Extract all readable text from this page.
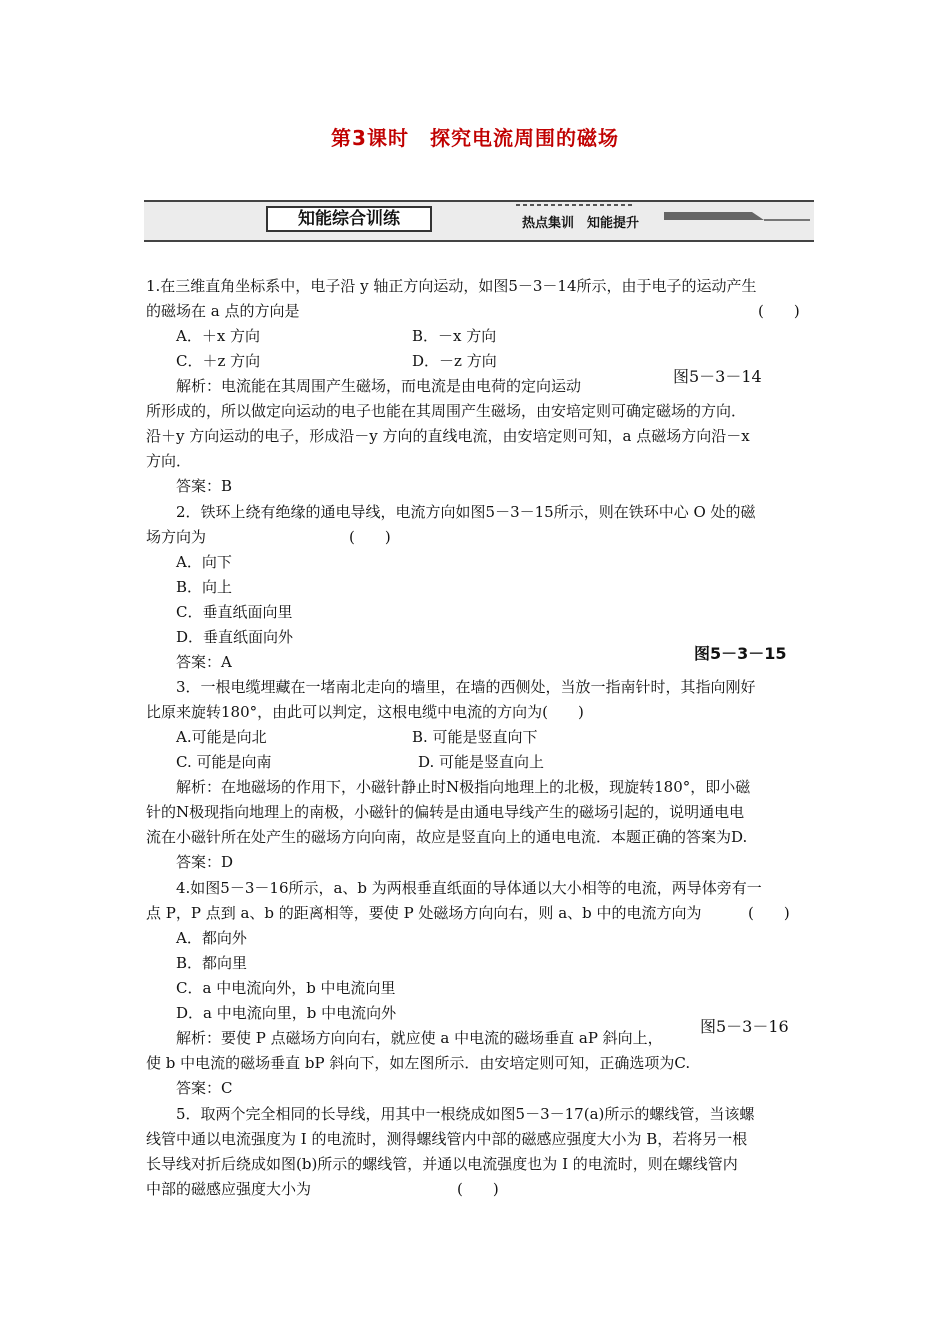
第3课时　探究电流周围的磁场
知能综合训练	热点集训　知能提升
1.在三维直角坐标系中，电子沿 y 轴正方向运动，如图5－3－14所示，由于电子的运动产生
的磁场在 a 点的方向是	(　　)
A．＋x 方向	B．－x 方向
C．＋z 方向	D．－z 方向
图5－3－14
解析：电流能在其周围产生磁场，而电流是由电荷的定向运动
所形成的，所以做定向运动的电子也能在其周围产生磁场，由安培定则可确定磁场的方向．
沿＋y 方向运动的电子，形成沿－y 方向的直线电流，由安培定则可知，a 点磁场方向沿－x
方向．
答案：B
2．铁环上绕有绝缘的通电导线，电流方向如图5－3－15所示，则在铁环中心 O 处的磁
场方向为	(　　)
A．向下
B．向上
C．垂直纸面向里
D．垂直纸面向外
图5－3－15
答案：A
3．一根电缆埋藏在一堵南北走向的墙里，在墙的西侧处，当放一指南针时，其指向刚好
比原来旋转180°，由此可以判定，这根电缆中电流的方向为(　　)
A.可能是向北	B. 可能是竖直向下
C. 可能是向南	D. 可能是竖直向上
解析：在地磁场的作用下，小磁针静止时N极指向地理上的北极，现旋转180°，即小磁
针的N极现指向地理上的南极，小磁针的偏转是由通电导线产生的磁场引起的，说明通电电
流在小磁针所在处产生的磁场方向向南，故应是竖直向上的通电电流．本题正确的答案为D.
答案：D
4.如图5－3－16所示，a、b 为两根垂直纸面的导体通以大小相等的电流，两导体旁有一
点 P，P 点到 a、b 的距离相等，要使 P 处磁场方向向右，则 a、b 中的电流方向为	(　　)
A．都向外
B．都向里
C．a 中电流向外，b 中电流向里
D．a 中电流向里，b 中电流向外
图5－3－16
解析：要使 P 点磁场方向向右，就应使 a 中电流的磁场垂直 aP 斜向上，
使 b 中电流的磁场垂直 bP 斜向下，如左图所示．由安培定则可知，正确选项为C.
答案：C
5．取两个完全相同的长导线，用其中一根绕成如图5－3－17(a)所示的螺线管，当该螺
线管中通以电流强度为 I 的电流时，测得螺线管内中部的磁感应强度大小为 B，若将另一根
长导线对折后绕成如图(b)所示的螺线管，并通以电流强度也为 I 的电流时，则在螺线管内
中部的磁感应强度大小为	(　　)
